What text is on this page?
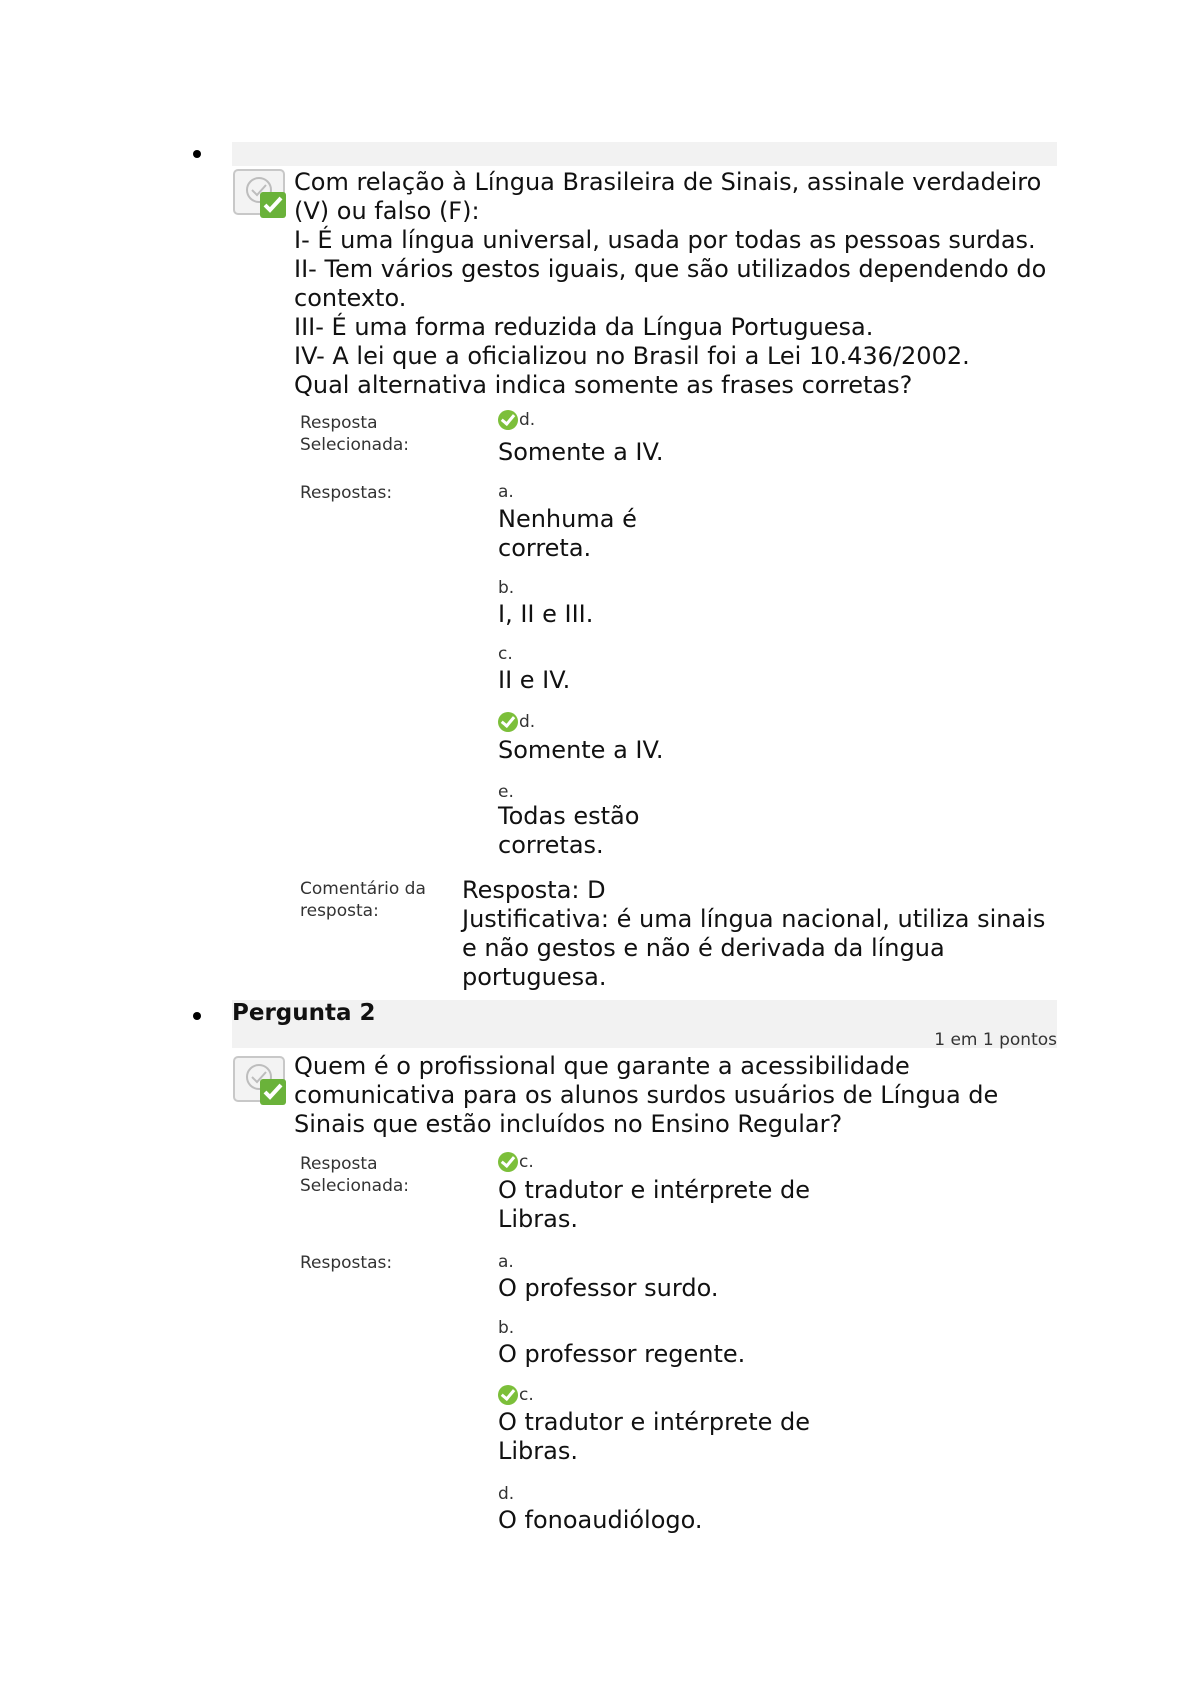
Com relação à Língua Brasileira de Sinais, assinale verdadeiro
(V) ou falso (F):
I- É uma língua universal, usada por todas as pessoas surdas.
II- Tem vários gestos iguais, que são utilizados dependendo do
contexto.
III- É uma forma reduzida da Língua Portuguesa.
IV- A lei que a oficializou no Brasil foi a Lei 10.436/2002.
Qual alternativa indica somente as frases corretas?
Resposta
Selecionada:
d.
Somente a IV.
Respostas:	a.
Nenhuma é
correta.
b.
I, II e III.
c.
II e IV.
d.
Somente a IV.
e.
Todas estão
corretas.
Comentário da
resposta:
Resposta: D
Justificativa: é uma língua nacional, utiliza sinais
e não gestos e não é derivada da língua
portuguesa.
Pergunta 2
1 em 1 pontos
Quem é o profissional que garante a acessibilidade
comunicativa para os alunos surdos usuários de Língua de
Sinais que estão incluídos no Ensino Regular?
Resposta
Selecionada:
c.
O tradutor e intérprete de
Libras.
Respostas:	a.
O professor surdo.
b.
O professor regente.
c.
O tradutor e intérprete de
Libras.
d.
O fonoaudiólogo.
